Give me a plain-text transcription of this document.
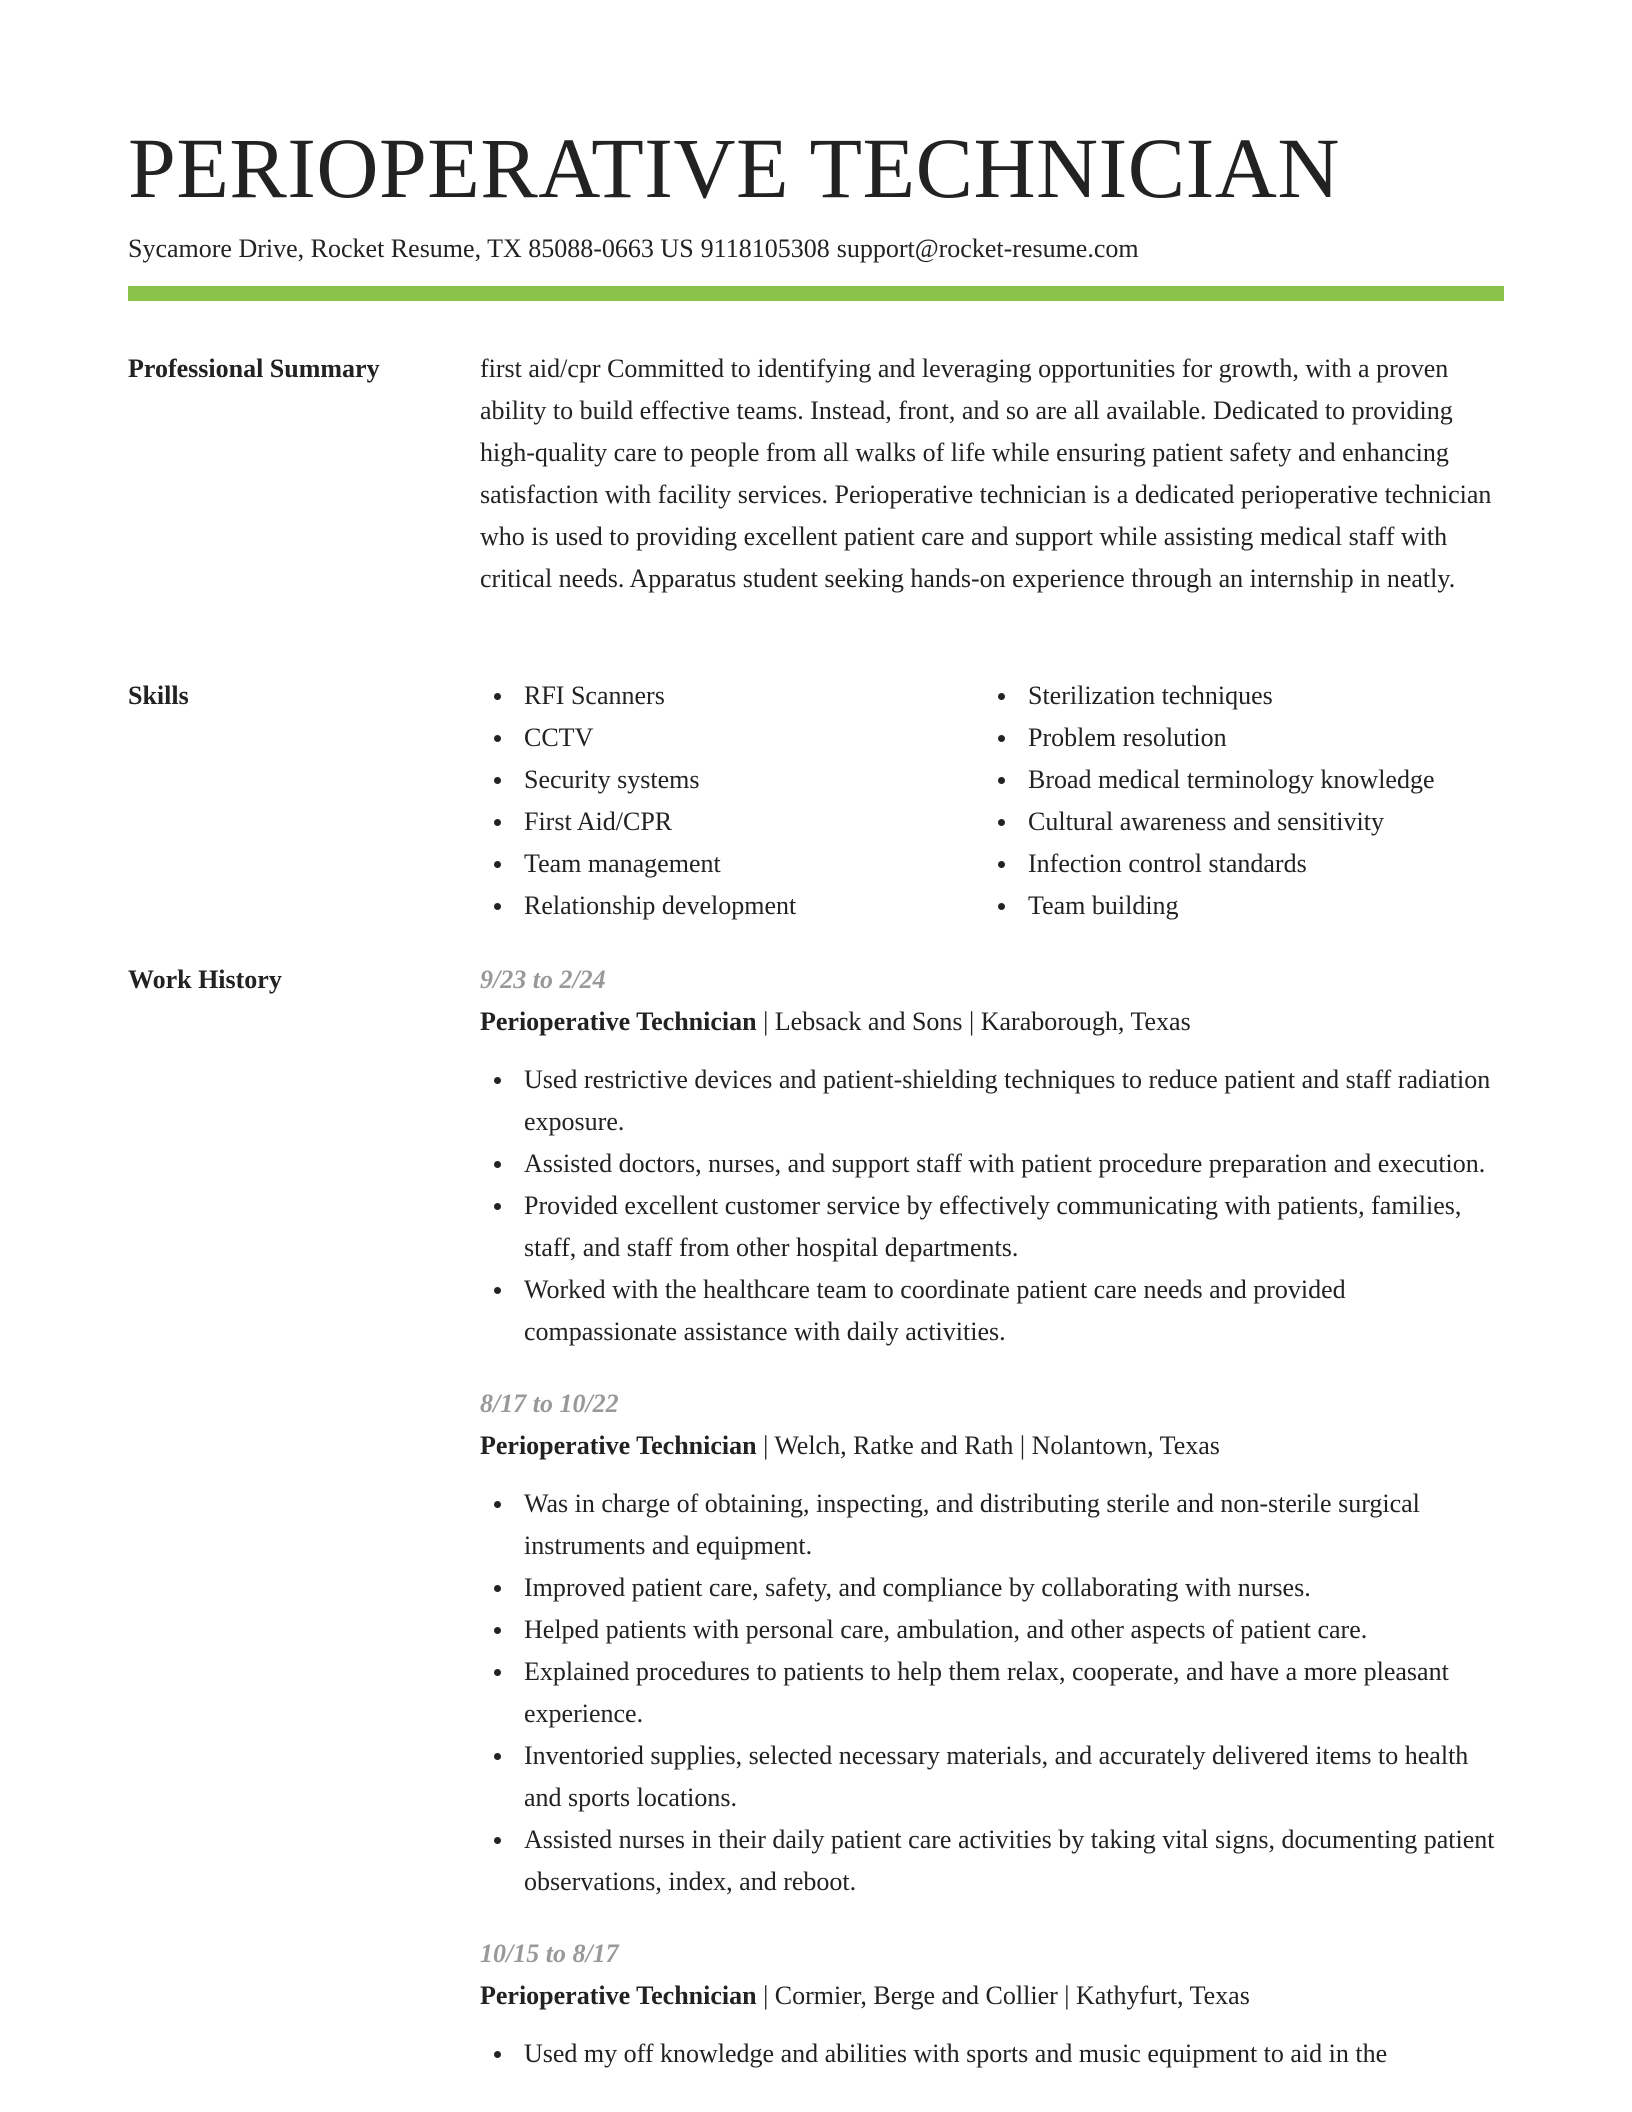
PERIOPERATIVE TECHNICIAN
Sycamore Drive, Rocket Resume, TX 85088-0663 US 9118105308 support@rocket-resume.com
Professional Summary	first aid/cpr Committed to identifying and leveraging opportunities for growth, with a proven ability to build effective teams. Instead, front, and so are all available. Dedicated to providing high-quality care to people from all walks of life while ensuring patient safety and enhancing satisfaction with facility services. Perioperative technician is a dedicated perioperative technician who is used to providing excellent patient care and support while assisting medical staff with critical needs. Apparatus student seeking hands-on experience through an internship in neatly.

Skills	RFI Scanners
CCTV
Security systems
First Aid/CPR
Team management
Relationship development
Sterilization techniques
Problem resolution
Broad medical terminology knowledge
Cultural awareness and sensitivity
Infection control standards
Team building
Work History	9/23 to 2/24

Perioperative Technician | Lebsack and Sons | Karaborough, Texas

Used restrictive devices and patient-shielding techniques to reduce patient and staff radiation exposure.
Assisted doctors, nurses, and support staff with patient procedure preparation and execution.
Provided excellent customer service by effectively communicating with patients, families, staff, and staff from other hospital departments.
Worked with the healthcare team to coordinate patient care needs and provided compassionate assistance with daily activities.

8/17 to 10/22

Perioperative Technician | Welch, Ratke and Rath | Nolantown, Texas

Was in charge of obtaining, inspecting, and distributing sterile and non-sterile surgical instruments and equipment.
Improved patient care, safety, and compliance by collaborating with nurses.
Helped patients with personal care, ambulation, and other aspects of patient care.
Explained procedures to patients to help them relax, cooperate, and have a more pleasant experience.
Inventoried supplies, selected necessary materials, and accurately delivered items to health and sports locations.
Assisted nurses in their daily patient care activities by taking vital signs, documenting patient observations, index, and reboot.

10/15 to 8/17

Perioperative Technician | Cormier, Berge and Collier | Kathyfurt, Texas

Used my off knowledge and abilities with sports and music equipment to aid in the
